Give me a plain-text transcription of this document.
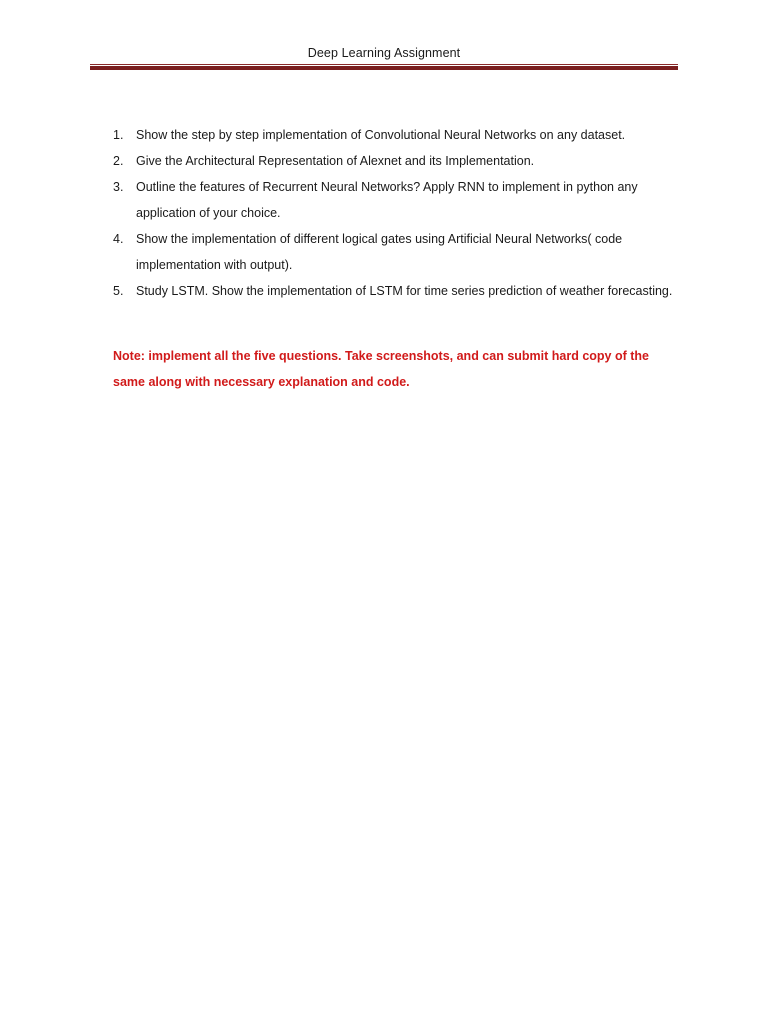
Deep Learning Assignment
1. Show the step by step implementation of Convolutional Neural Networks on any dataset.
2. Give the Architectural Representation of Alexnet and its Implementation.
3. Outline the features of Recurrent Neural Networks? Apply RNN to implement in python any application of your choice.
4. Show the implementation of different logical gates using Artificial Neural Networks( code implementation with output).
5. Study LSTM. Show the implementation of LSTM for time series prediction of weather forecasting.
Note: implement all the five questions. Take screenshots, and can submit hard copy of the same along with necessary explanation and code.
